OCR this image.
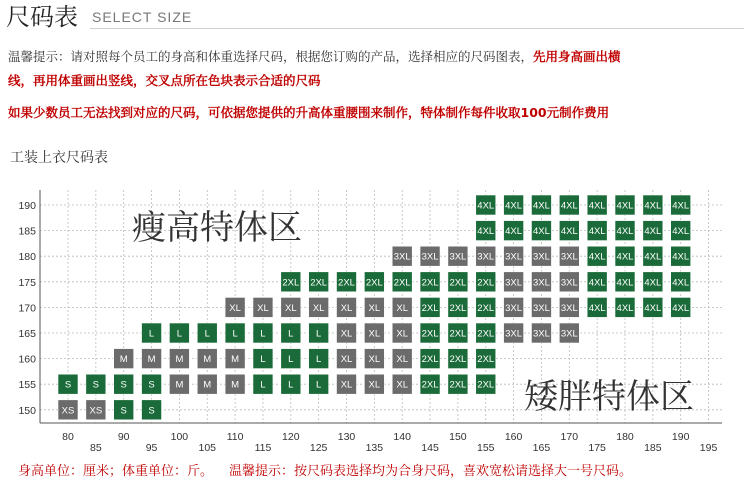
尺码表 SELECT SIZE
温馨提示：请对照每个员工的身高和体重选择尺码，根据您订购的产品，选择相应的尺码图表，先用身高画出横
线，再用体重画出竖线，交叉点所在色块表示合适的尺码
如果少数员工无法找到对应的尺码，可依据您提供的升高体重腰围来制作，特体制作每件收取100元制作费用
工装上衣尺码表
4XL 4XL 4XL 4XL 4XL 4XL 4XL 4XL
4XL 4XL 4XL 4XL 4XL 4XL 4XL 4XL
3XL 3XL 3XL 3XL 3XL 3XL 3XL 4XL 4XL 4XL 4XL
2XL 2XL 2XL 2XL 2XL 2XL 2XL 2XL 3XL 3XL 3XL 4XL 4XL 4XL 4XL
XL XL XL XL XL XL XL 2XL 2XL 2XL 3XL 3XL 3XL 4XL 4XL 4XL 4XL
L L L L L L L XL XL XL 2XL 2XL 2XL 3XL 3XL 3XL
M M M M M L L L XL XL XL 2XL 2XL 2XL
S S S S M M M L L L XL XL XL 2XL 2XL 2XL
XS XS S S
190
185
180
175
170
165
160
155
150
80
85
90
95
100
105
110
115
120
125
130
135
140
145
150
155
160
165
170
175
180
185
190
195
瘦高特体区
矮胖特体区
身高单位：厘米；体重单位：斤。 温馨提示：按尺码表选择均为合身尺码，喜欢宽松请选择大一号尺码。
